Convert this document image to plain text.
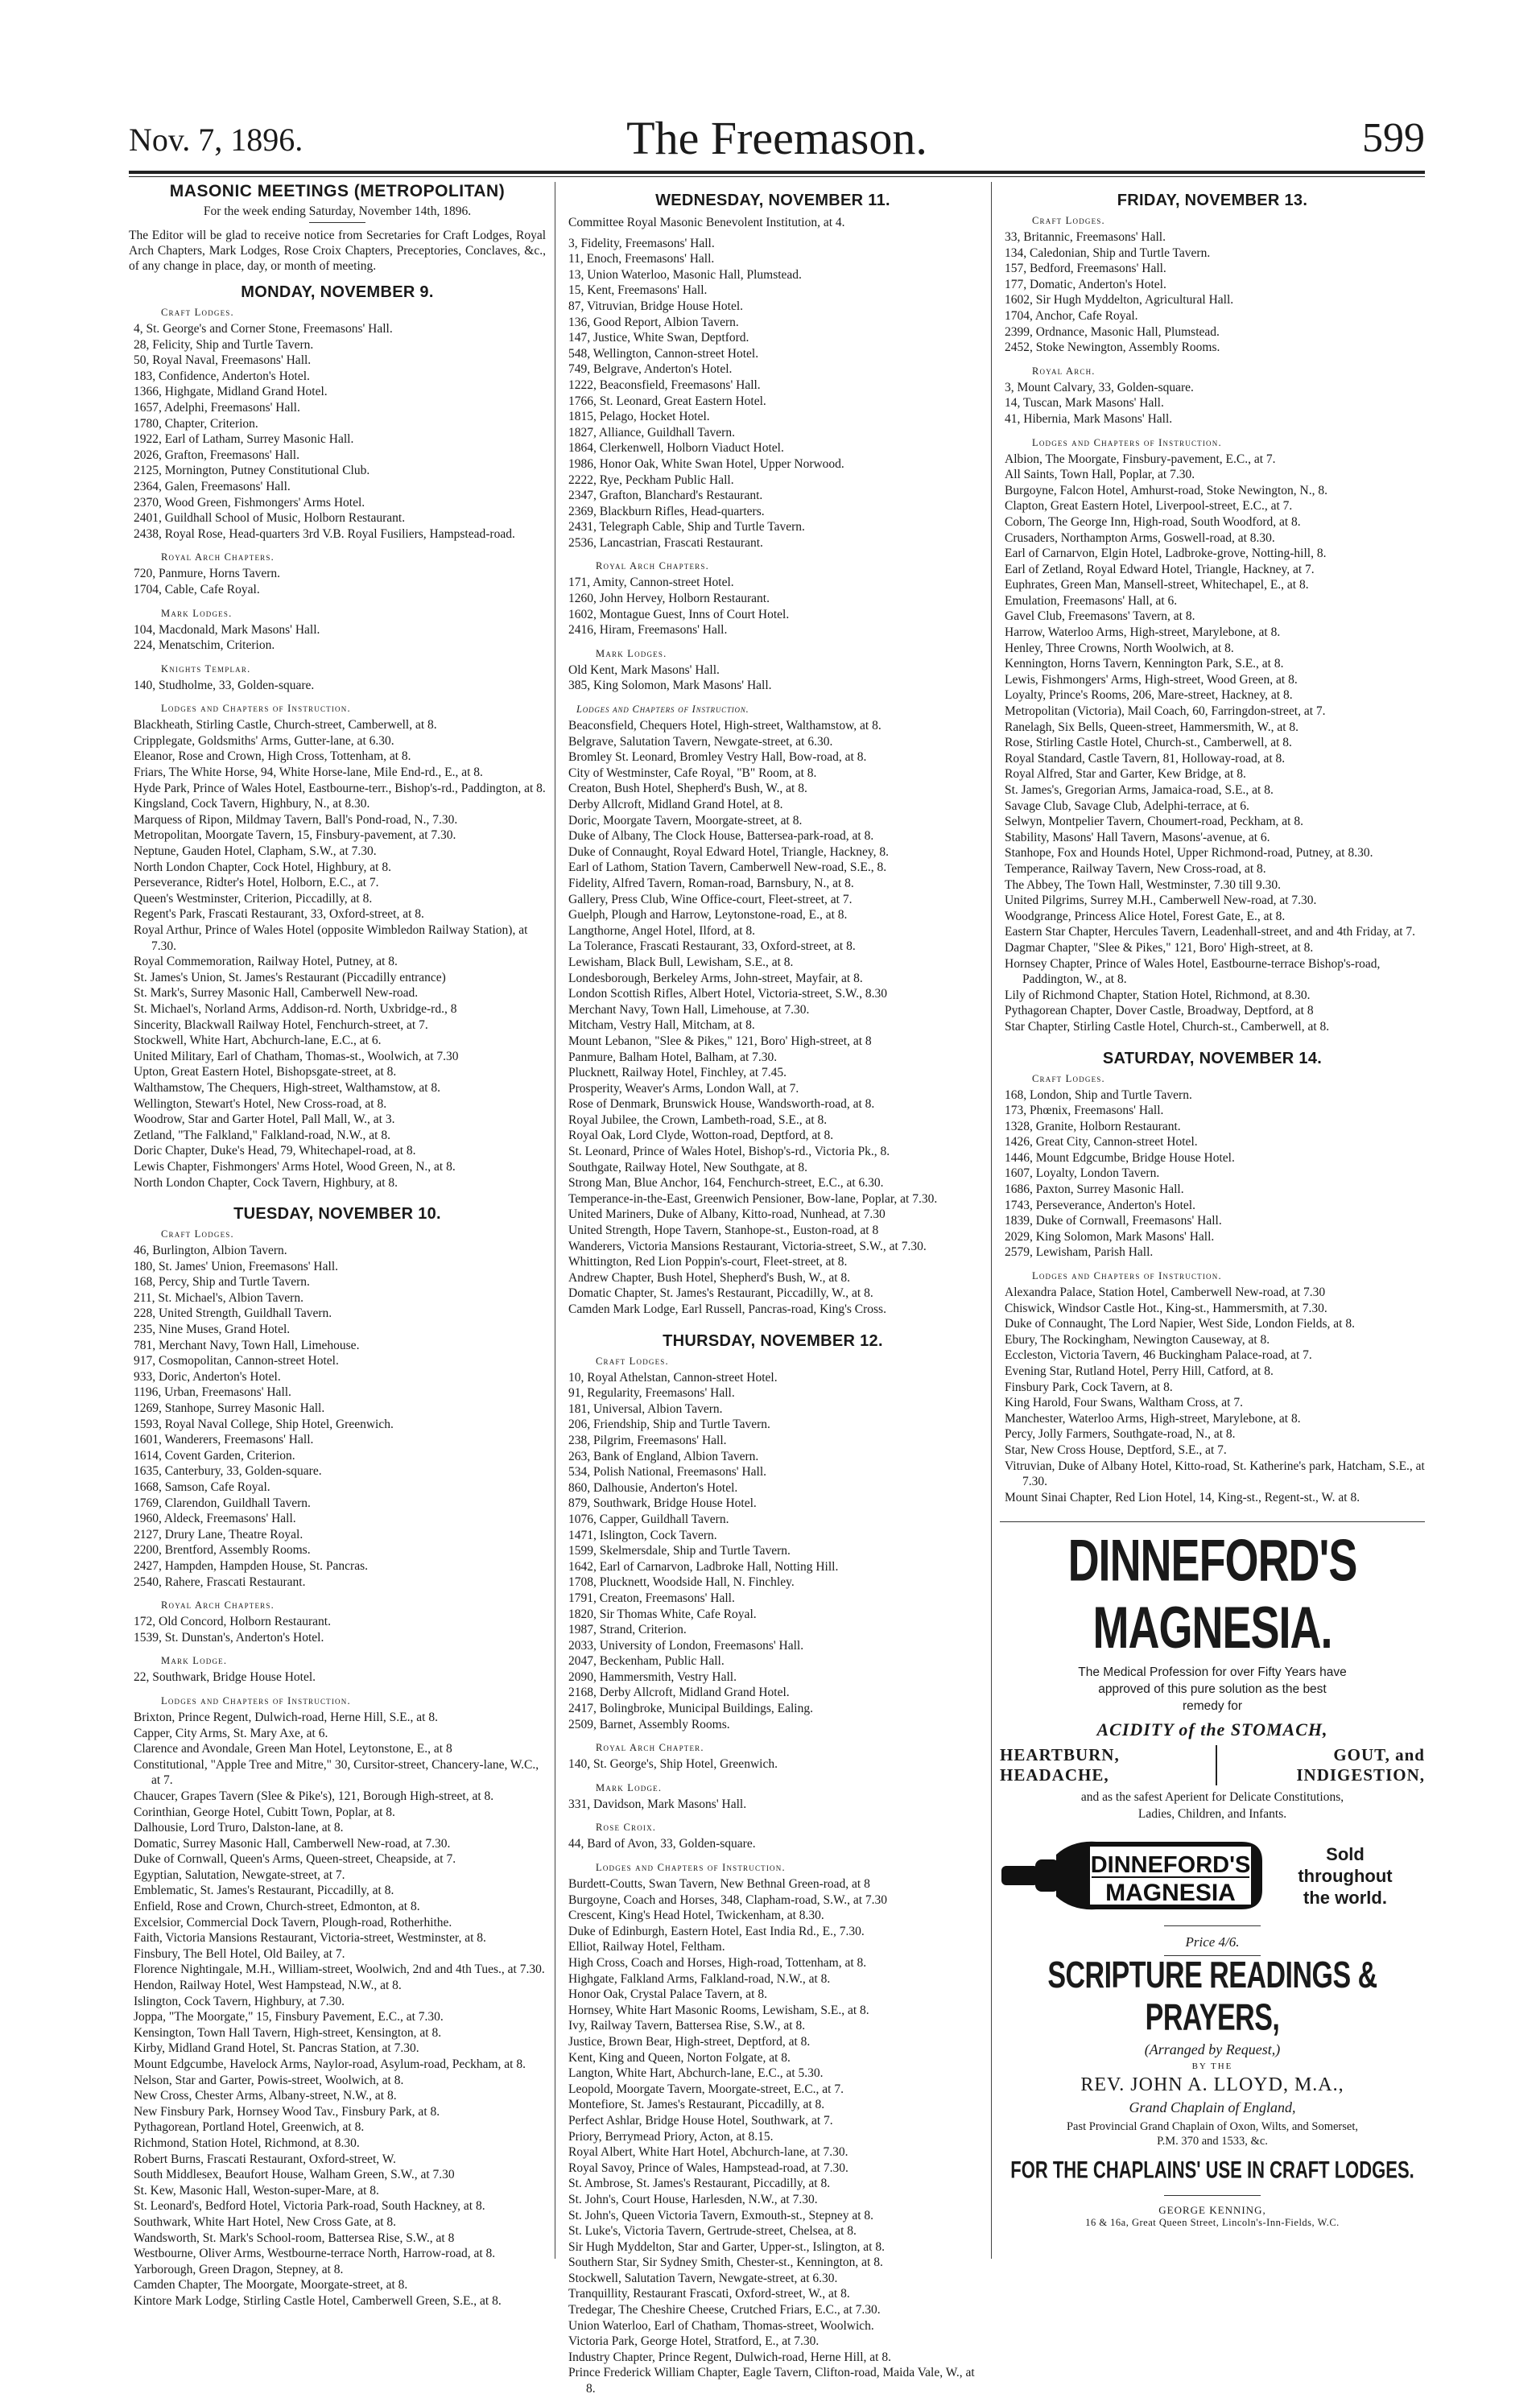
Nov. 7, 1896.	The Freemason.	599
MASONIC MEETINGS (METROPOLITAN)
For the week ending Saturday, November 14th, 1896.
The Editor will be glad to receive notice from Secretaries for Craft Lodges, Royal Arch Chapters, Mark Lodges, Rose Croix Chapters, Preceptories, Conclaves, &c., of any change in place, day, or month of meeting.
MONDAY, NOVEMBER 9.
Craft Lodges.
4, St. George's and Corner Stone, Freemasons' Hall.
28, Felicity, Ship and Turtle Tavern.
50, Royal Naval, Freemasons' Hall.
183, Confidence, Anderton's Hotel.
1366, Highgate, Midland Grand Hotel.
1657, Adelphi, Freemasons' Hall.
1780, Chapter, Criterion.
1922, Earl of Latham, Surrey Masonic Hall.
2026, Grafton, Freemasons' Hall.
2125, Mornington, Putney Constitutional Club.
2364, Galen, Freemasons' Hall.
2370, Wood Green, Fishmongers' Arms Hotel.
2401, Guildhall School of Music, Holborn Restaurant.
2438, Royal Rose, Head-quarters 3rd V.B. Royal Fusiliers, Hampstead-road.
Royal Arch Chapters.
720, Panmure, Horns Tavern.
1704, Cable, Cafe Royal.
Mark Lodges.
104, Macdonald, Mark Masons' Hall.
224, Menatschim, Criterion.
Knights Templar.
140, Studholme, 33, Golden-square.
Lodges and Chapters of Instruction.
Blackheath, Stirling Castle, Church-street, Camberwell, at 8.
Cripplegate, Goldsmiths' Arms, Gutter-lane, at 6.30.
Eleanor, Rose and Crown, High Cross, Tottenham, at 8.
Friars, The White Horse, 94, White Horse-lane, Mile End-rd., E., at 8.
Hyde Park, Prince of Wales Hotel, Eastbourne-terr., Bishop's-rd., Paddington, at 8.
Kingsland, Cock Tavern, Highbury, N., at 8.30.
Marquess of Ripon, Mildmay Tavern, Ball's Pond-road, N., 7.30.
Metropolitan, Moorgate Tavern, 15, Finsbury-pavement, at 7.30.
Neptune, Gauden Hotel, Clapham, S.W., at 7.30.
North London Chapter, Cock Hotel, Highbury, at 8.
Perseverance, Ridter's Hotel, Holborn, E.C., at 7.
Queen's Westminster, Criterion, Piccadilly, at 8.
Regent's Park, Frascati Restaurant, 33, Oxford-street, at 8.
Royal Arthur, Prince of Wales Hotel (opposite Wimbledon Railway Station), at 7.30.
Royal Commemoration, Railway Hotel, Putney, at 8.
St. James's Union, St. James's Restaurant (Piccadilly entrance)
St. Mark's, Surrey Masonic Hall, Camberwell New-road.
St. Michael's, Norland Arms, Addison-rd. North, Uxbridge-rd., 8
Sincerity, Blackwall Railway Hotel, Fenchurch-street, at 7.
Stockwell, White Hart, Abchurch-lane, E.C., at 6.
United Military, Earl of Chatham, Thomas-st., Woolwich, at 7.30
Upton, Great Eastern Hotel, Bishopsgate-street, at 8.
Walthamstow, The Chequers, High-street, Walthamstow, at 8.
Wellington, Stewart's Hotel, New Cross-road, at 8.
Woodrow, Star and Garter Hotel, Pall Mall, W., at 3.
Zetland, "The Falkland," Falkland-road, N.W., at 8.
Doric Chapter, Duke's Head, 79, Whitechapel-road, at 8.
Lewis Chapter, Fishmongers' Arms Hotel, Wood Green, N., at 8.
North London Chapter, Cock Tavern, Highbury, at 8.
TUESDAY, NOVEMBER 10.
Craft Lodges.
46, Burlington, Albion Tavern.
180, St. James' Union, Freemasons' Hall.
168, Percy, Ship and Turtle Tavern.
211, St. Michael's, Albion Tavern.
228, United Strength, Guildhall Tavern.
235, Nine Muses, Grand Hotel.
781, Merchant Navy, Town Hall, Limehouse.
917, Cosmopolitan, Cannon-street Hotel.
933, Doric, Anderton's Hotel.
1196, Urban, Freemasons' Hall.
1269, Stanhope, Surrey Masonic Hall.
1593, Royal Naval College, Ship Hotel, Greenwich.
1601, Wanderers, Freemasons' Hall.
1614, Covent Garden, Criterion.
1635, Canterbury, 33, Golden-square.
1668, Samson, Cafe Royal.
1769, Clarendon, Guildhall Tavern.
1960, Aldeck, Freemasons' Hall.
2127, Drury Lane, Theatre Royal.
2200, Brentford, Assembly Rooms.
2427, Hampden, Hampden House, St. Pancras.
2540, Rahere, Frascati Restaurant.
Royal Arch Chapters.
172, Old Concord, Holborn Restaurant.
1539, St. Dunstan's, Anderton's Hotel.
Mark Lodge.
22, Southwark, Bridge House Hotel.
Lodges and Chapters of Instruction.
Brixton, Prince Regent, Dulwich-road, Herne Hill, S.E., at 8.
Capper, City Arms, St. Mary Axe, at 6.
Clarence and Avondale, Green Man Hotel, Leytonstone, E., at 8
Constitutional, "Apple Tree and Mitre," 30, Cursitor-street, Chancery-lane, W.C., at 7.
Chaucer, Grapes Tavern (Slee & Pike's), 121, Borough High-street, at 8.
Corinthian, George Hotel, Cubitt Town, Poplar, at 8.
Dalhousie, Lord Truro, Dalston-lane, at 8.
Domatic, Surrey Masonic Hall, Camberwell New-road, at 7.30.
Duke of Cornwall, Queen's Arms, Queen-street, Cheapside, at 7.
Egyptian, Salutation, Newgate-street, at 7.
Emblematic, St. James's Restaurant, Piccadilly, at 8.
Enfield, Rose and Crown, Church-street, Edmonton, at 8.
Excelsior, Commercial Dock Tavern, Plough-road, Rotherhithe.
Faith, Victoria Mansions Restaurant, Victoria-street, Westminster, at 8.
Finsbury, The Bell Hotel, Old Bailey, at 7.
Florence Nightingale, M.H., William-street, Woolwich, 2nd and 4th Tues., at 7.30.
Hendon, Railway Hotel, West Hampstead, N.W., at 8.
Islington, Cock Tavern, Highbury, at 7.30.
Joppa, "The Moorgate," 15, Finsbury Pavement, E.C., at 7.30.
Kensington, Town Hall Tavern, High-street, Kensington, at 8.
Kirby, Midland Grand Hotel, St. Pancras Station, at 7.30.
Mount Edgcumbe, Havelock Arms, Naylor-road, Asylum-road, Peckham, at 8.
Nelson, Star and Garter, Powis-street, Woolwich, at 8.
New Cross, Chester Arms, Albany-street, N.W., at 8.
New Finsbury Park, Hornsey Wood Tav., Finsbury Park, at 8.
Pythagorean, Portland Hotel, Greenwich, at 8.
Richmond, Station Hotel, Richmond, at 8.30.
Robert Burns, Frascati Restaurant, Oxford-street, W.
South Middlesex, Beaufort House, Walham Green, S.W., at 7.30
St. Kew, Masonic Hall, Weston-super-Mare, at 8.
St. Leonard's, Bedford Hotel, Victoria Park-road, South Hackney, at 8.
Southwark, White Hart Hotel, New Cross Gate, at 8.
Wandsworth, St. Mark's School-room, Battersea Rise, S.W., at 8
Westbourne, Oliver Arms, Westbourne-terrace North, Harrow-road, at 8.
Yarborough, Green Dragon, Stepney, at 8.
Camden Chapter, The Moorgate, Moorgate-street, at 8.
Kintore Mark Lodge, Stirling Castle Hotel, Camberwell Green, S.E., at 8.
WEDNESDAY, NOVEMBER 11.
Committee Royal Masonic Benevolent Institution, at 4.
3, Fidelity, Freemasons' Hall.
11, Enoch, Freemasons' Hall.
13, Union Waterloo, Masonic Hall, Plumstead.
15, Kent, Freemasons' Hall.
87, Vitruvian, Bridge House Hotel.
136, Good Report, Albion Tavern.
147, Justice, White Swan, Deptford.
548, Wellington, Cannon-street Hotel.
749, Belgrave, Anderton's Hotel.
1222, Beaconsfield, Freemasons' Hall.
1766, St. Leonard, Great Eastern Hotel.
1815, Pelago, Hocket Hotel.
1827, Alliance, Guildhall Tavern.
1864, Clerkenwell, Holborn Viaduct Hotel.
1986, Honor Oak, White Swan Hotel, Upper Norwood.
2222, Rye, Peckham Public Hall.
2347, Grafton, Blanchard's Restaurant.
2369, Blackburn Rifles, Head-quarters.
2431, Telegraph Cable, Ship and Turtle Tavern.
2536, Lancastrian, Frascati Restaurant.
Royal Arch Chapters.
171, Amity, Cannon-street Hotel.
1260, John Hervey, Holborn Restaurant.
1602, Montague Guest, Inns of Court Hotel.
2416, Hiram, Freemasons' Hall.
Mark Lodges.
Old Kent, Mark Masons' Hall.
385, King Solomon, Mark Masons' Hall.
Lodges and Chapters of Instruction.
Beaconsfield, Chequers Hotel, High-street, Walthamstow, at 8.
Belgrave, Salutation Tavern, Newgate-street, at 6.30.
Bromley St. Leonard, Bromley Vestry Hall, Bow-road, at 8.
City of Westminster, Cafe Royal, "B" Room, at 8.
Creaton, Bush Hotel, Shepherd's Bush, W., at 8.
Derby Allcroft, Midland Grand Hotel, at 8.
Doric, Moorgate Tavern, Moorgate-street, at 8.
Duke of Albany, The Clock House, Battersea-park-road, at 8.
Duke of Connaught, Royal Edward Hotel, Triangle, Hackney, 8.
Earl of Lathom, Station Tavern, Camberwell New-road, S.E., 8.
Fidelity, Alfred Tavern, Roman-road, Barnsbury, N., at 8.
Gallery, Press Club, Wine Office-court, Fleet-street, at 7.
Guelph, Plough and Harrow, Leytonstone-road, E., at 8.
Langthorne, Angel Hotel, Ilford, at 8.
La Tolerance, Frascati Restaurant, 33, Oxford-street, at 8.
Lewisham, Black Bull, Lewisham, S.E., at 8.
Londesborough, Berkeley Arms, John-street, Mayfair, at 8.
London Scottish Rifles, Albert Hotel, Victoria-street, S.W., 8.30
Merchant Navy, Town Hall, Limehouse, at 7.30.
Mitcham, Vestry Hall, Mitcham, at 8.
Mount Lebanon, "Slee & Pikes," 121, Boro' High-street, at 8
Panmure, Balham Hotel, Balham, at 7.30.
Plucknett, Railway Hotel, Finchley, at 7.45.
Prosperity, Weaver's Arms, London Wall, at 7.
Rose of Denmark, Brunswick House, Wandsworth-road, at 8.
Royal Jubilee, the Crown, Lambeth-road, S.E., at 8.
Royal Oak, Lord Clyde, Wotton-road, Deptford, at 8.
St. Leonard, Prince of Wales Hotel, Bishop's-rd., Victoria Pk., 8.
Southgate, Railway Hotel, New Southgate, at 8.
Strong Man, Blue Anchor, 164, Fenchurch-street, E.C., at 6.30.
Temperance-in-the-East, Greenwich Pensioner, Bow-lane, Poplar, at 7.30.
United Mariners, Duke of Albany, Kitto-road, Nunhead, at 7.30
United Strength, Hope Tavern, Stanhope-st., Euston-road, at 8
Wanderers, Victoria Mansions Restaurant, Victoria-street, S.W., at 7.30.
Whittington, Red Lion Poppin's-court, Fleet-street, at 8.
Andrew Chapter, Bush Hotel, Shepherd's Bush, W., at 8.
Domatic Chapter, St. James's Restaurant, Piccadilly, W., at 8.
Camden Mark Lodge, Earl Russell, Pancras-road, King's Cross.
THURSDAY, NOVEMBER 12.
Craft Lodges.
10, Royal Athelstan, Cannon-street Hotel.
91, Regularity, Freemasons' Hall.
181, Universal, Albion Tavern.
206, Friendship, Ship and Turtle Tavern.
238, Pilgrim, Freemasons' Hall.
263, Bank of England, Albion Tavern.
534, Polish National, Freemasons' Hall.
860, Dalhousie, Anderton's Hotel.
879, Southwark, Bridge House Hotel.
1076, Capper, Guildhall Tavern.
1471, Islington, Cock Tavern.
1599, Skelmersdale, Ship and Turtle Tavern.
1642, Earl of Carnarvon, Ladbroke Hall, Notting Hill.
1708, Plucknett, Woodside Hall, N. Finchley.
1791, Creaton, Freemasons' Hall.
1820, Sir Thomas White, Cafe Royal.
1987, Strand, Criterion.
2033, University of London, Freemasons' Hall.
2047, Beckenham, Public Hall.
2090, Hammersmith, Vestry Hall.
2168, Derby Allcroft, Midland Grand Hotel.
2417, Bolingbroke, Municipal Buildings, Ealing.
2509, Barnet, Assembly Rooms.
Royal Arch Chapter.
140, St. George's, Ship Hotel, Greenwich.
Mark Lodge.
331, Davidson, Mark Masons' Hall.
Rose Croix.
44, Bard of Avon, 33, Golden-square.
Lodges and Chapters of Instruction.
Burdett-Coutts, Swan Tavern, New Bethnal Green-road, at 8
Burgoyne, Coach and Horses, 348, Clapham-road, S.W., at 7.30
Crescent, King's Head Hotel, Twickenham, at 8.30.
Duke of Edinburgh, Eastern Hotel, East India Rd., E., 7.30.
Elliot, Railway Hotel, Feltham.
High Cross, Coach and Horses, High-road, Tottenham, at 8.
Highgate, Falkland Arms, Falkland-road, N.W., at 8.
Honor Oak, Crystal Palace Tavern, at 8.
Hornsey, White Hart Masonic Rooms, Lewisham, S.E., at 8.
Ivy, Railway Tavern, Battersea Rise, S.W., at 8.
Justice, Brown Bear, High-street, Deptford, at 8.
Kent, King and Queen, Norton Folgate, at 8.
Langton, White Hart, Abchurch-lane, E.C., at 5.30.
Leopold, Moorgate Tavern, Moorgate-street, E.C., at 7.
Montefiore, St. James's Restaurant, Piccadilly, at 8.
Perfect Ashlar, Bridge House Hotel, Southwark, at 7.
Priory, Berrymead Priory, Acton, at 8.15.
Royal Albert, White Hart Hotel, Abchurch-lane, at 7.30.
Royal Savoy, Prince of Wales, Hampstead-road, at 7.30.
St. Ambrose, St. James's Restaurant, Piccadilly, at 8.
St. John's, Court House, Harlesden, N.W., at 7.30.
St. John's, Queen Victoria Tavern, Exmouth-st., Stepney at 8.
St. Luke's, Victoria Tavern, Gertrude-street, Chelsea, at 8.
Sir Hugh Myddelton, Star and Garter, Upper-st., Islington, at 8.
Southern Star, Sir Sydney Smith, Chester-st., Kennington, at 8.
Stockwell, Salutation Tavern, Newgate-street, at 6.30.
Tranquillity, Restaurant Frascati, Oxford-street, W., at 8.
Tredegar, The Cheshire Cheese, Crutched Friars, E.C., at 7.30.
Union Waterloo, Earl of Chatham, Thomas-street, Woolwich.
Victoria Park, George Hotel, Stratford, E., at 7.30.
Industry Chapter, Prince Regent, Dulwich-road, Herne Hill, at 8.
Prince Frederick William Chapter, Eagle Tavern, Clifton-road, Maida Vale, W., at 8.
FRIDAY, NOVEMBER 13.
Craft Lodges.
33, Britannic, Freemasons' Hall.
134, Caledonian, Ship and Turtle Tavern.
157, Bedford, Freemasons' Hall.
177, Domatic, Anderton's Hotel.
1602, Sir Hugh Myddelton, Agricultural Hall.
1704, Anchor, Cafe Royal.
2399, Ordnance, Masonic Hall, Plumstead.
2452, Stoke Newington, Assembly Rooms.
Royal Arch.
3, Mount Calvary, 33, Golden-square.
14, Tuscan, Mark Masons' Hall.
41, Hibernia, Mark Masons' Hall.
Lodges and Chapters of Instruction.
Albion, The Moorgate, Finsbury-pavement, E.C., at 7.
All Saints, Town Hall, Poplar, at 7.30.
Burgoyne, Falcon Hotel, Amhurst-road, Stoke Newington, N., 8.
Clapton, Great Eastern Hotel, Liverpool-street, E.C., at 7.
Coborn, The George Inn, High-road, South Woodford, at 8.
Crusaders, Northampton Arms, Goswell-road, at 8.30.
Earl of Carnarvon, Elgin Hotel, Ladbroke-grove, Notting-hill, 8.
Earl of Zetland, Royal Edward Hotel, Triangle, Hackney, at 7.
Euphrates, Green Man, Mansell-street, Whitechapel, E., at 8.
Emulation, Freemasons' Hall, at 6.
Gavel Club, Freemasons' Tavern, at 8.
Harrow, Waterloo Arms, High-street, Marylebone, at 8.
Henley, Three Crowns, North Woolwich, at 8.
Kennington, Horns Tavern, Kennington Park, S.E., at 8.
Lewis, Fishmongers' Arms, High-street, Wood Green, at 8.
Loyalty, Prince's Rooms, 206, Mare-street, Hackney, at 8.
Metropolitan (Victoria), Mail Coach, 60, Farringdon-street, at 7.
Ranelagh, Six Bells, Queen-street, Hammersmith, W., at 8.
Rose, Stirling Castle Hotel, Church-st., Camberwell, at 8.
Royal Standard, Castle Tavern, 81, Holloway-road, at 8.
Royal Alfred, Star and Garter, Kew Bridge, at 8.
St. James's, Gregorian Arms, Jamaica-road, S.E., at 8.
Savage Club, Savage Club, Adelphi-terrace, at 6.
Selwyn, Montpelier Tavern, Choumert-road, Peckham, at 8.
Stability, Masons' Hall Tavern, Masons'-avenue, at 6.
Stanhope, Fox and Hounds Hotel, Upper Richmond-road, Putney, at 8.30.
Temperance, Railway Tavern, New Cross-road, at 8.
The Abbey, The Town Hall, Westminster, 7.30 till 9.30.
United Pilgrims, Surrey M.H., Camberwell New-road, at 7.30.
Woodgrange, Princess Alice Hotel, Forest Gate, E., at 8.
Eastern Star Chapter, Hercules Tavern, Leadenhall-street, and and 4th Friday, at 7.
Dagmar Chapter, "Slee & Pikes," 121, Boro' High-street, at 8.
Hornsey Chapter, Prince of Wales Hotel, Eastbourne-terrace Bishop's-road, Paddington, W., at 8.
Lily of Richmond Chapter, Station Hotel, Richmond, at 8.30.
Pythagorean Chapter, Dover Castle, Broadway, Deptford, at 8
Star Chapter, Stirling Castle Hotel, Church-st., Camberwell, at 8.
SATURDAY, NOVEMBER 14.
Craft Lodges.
168, London, Ship and Turtle Tavern.
173, Phœnix, Freemasons' Hall.
1328, Granite, Holborn Restaurant.
1426, Great City, Cannon-street Hotel.
1446, Mount Edgcumbe, Bridge House Hotel.
1607, Loyalty, London Tavern.
1686, Paxton, Surrey Masonic Hall.
1743, Perseverance, Anderton's Hotel.
1839, Duke of Cornwall, Freemasons' Hall.
2029, King Solomon, Mark Masons' Hall.
2579, Lewisham, Parish Hall.
Lodges and Chapters of Instruction.
Alexandra Palace, Station Hotel, Camberwell New-road, at 7.30
Chiswick, Windsor Castle Hot., King-st., Hammersmith, at 7.30.
Duke of Connaught, The Lord Napier, West Side, London Fields, at 8.
Ebury, The Rockingham, Newington Causeway, at 8.
Eccleston, Victoria Tavern, 46 Buckingham Palace-road, at 7.
Evening Star, Rutland Hotel, Perry Hill, Catford, at 8.
Finsbury Park, Cock Tavern, at 8.
King Harold, Four Swans, Waltham Cross, at 7.
Manchester, Waterloo Arms, High-street, Marylebone, at 8.
Percy, Jolly Farmers, Southgate-road, N., at 8.
Star, New Cross House, Deptford, S.E., at 7.
Vitruvian, Duke of Albany Hotel, Kitto-road, St. Katherine's park, Hatcham, S.E., at 7.30.
Mount Sinai Chapter, Red Lion Hotel, 14, King-st., Regent-st., W. at 8.
DINNEFORD'S MAGNESIA.
The Medical Profession for over Fifty Years have
approved of this pure solution as the best
remedy for
ACIDITY of the STOMACH,
HEARTBURN,
HEADACHE,
GOUT, and
INDIGESTION,
and as the safest Aperient for Delicate Constitutions,
Ladies, Children, and Infants.
DINNEFORD'S
MAGNESIA
Sold
throughout
the world.
Price 4/6.
SCRIPTURE READINGS & PRAYERS,
(Arranged by Request,)
BY THE
REV. JOHN A. LLOYD, M.A.,
Grand Chaplain of England,
Past Provincial Grand Chaplain of Oxon, Wilts, and Somerset,
P.M. 370 and 1533, &c.
FOR THE CHAPLAINS' USE IN CRAFT LODGES.
GEORGE KENNING,
16 & 16a, Great Queen Street, Lincoln's-Inn-Fields, W.C.
